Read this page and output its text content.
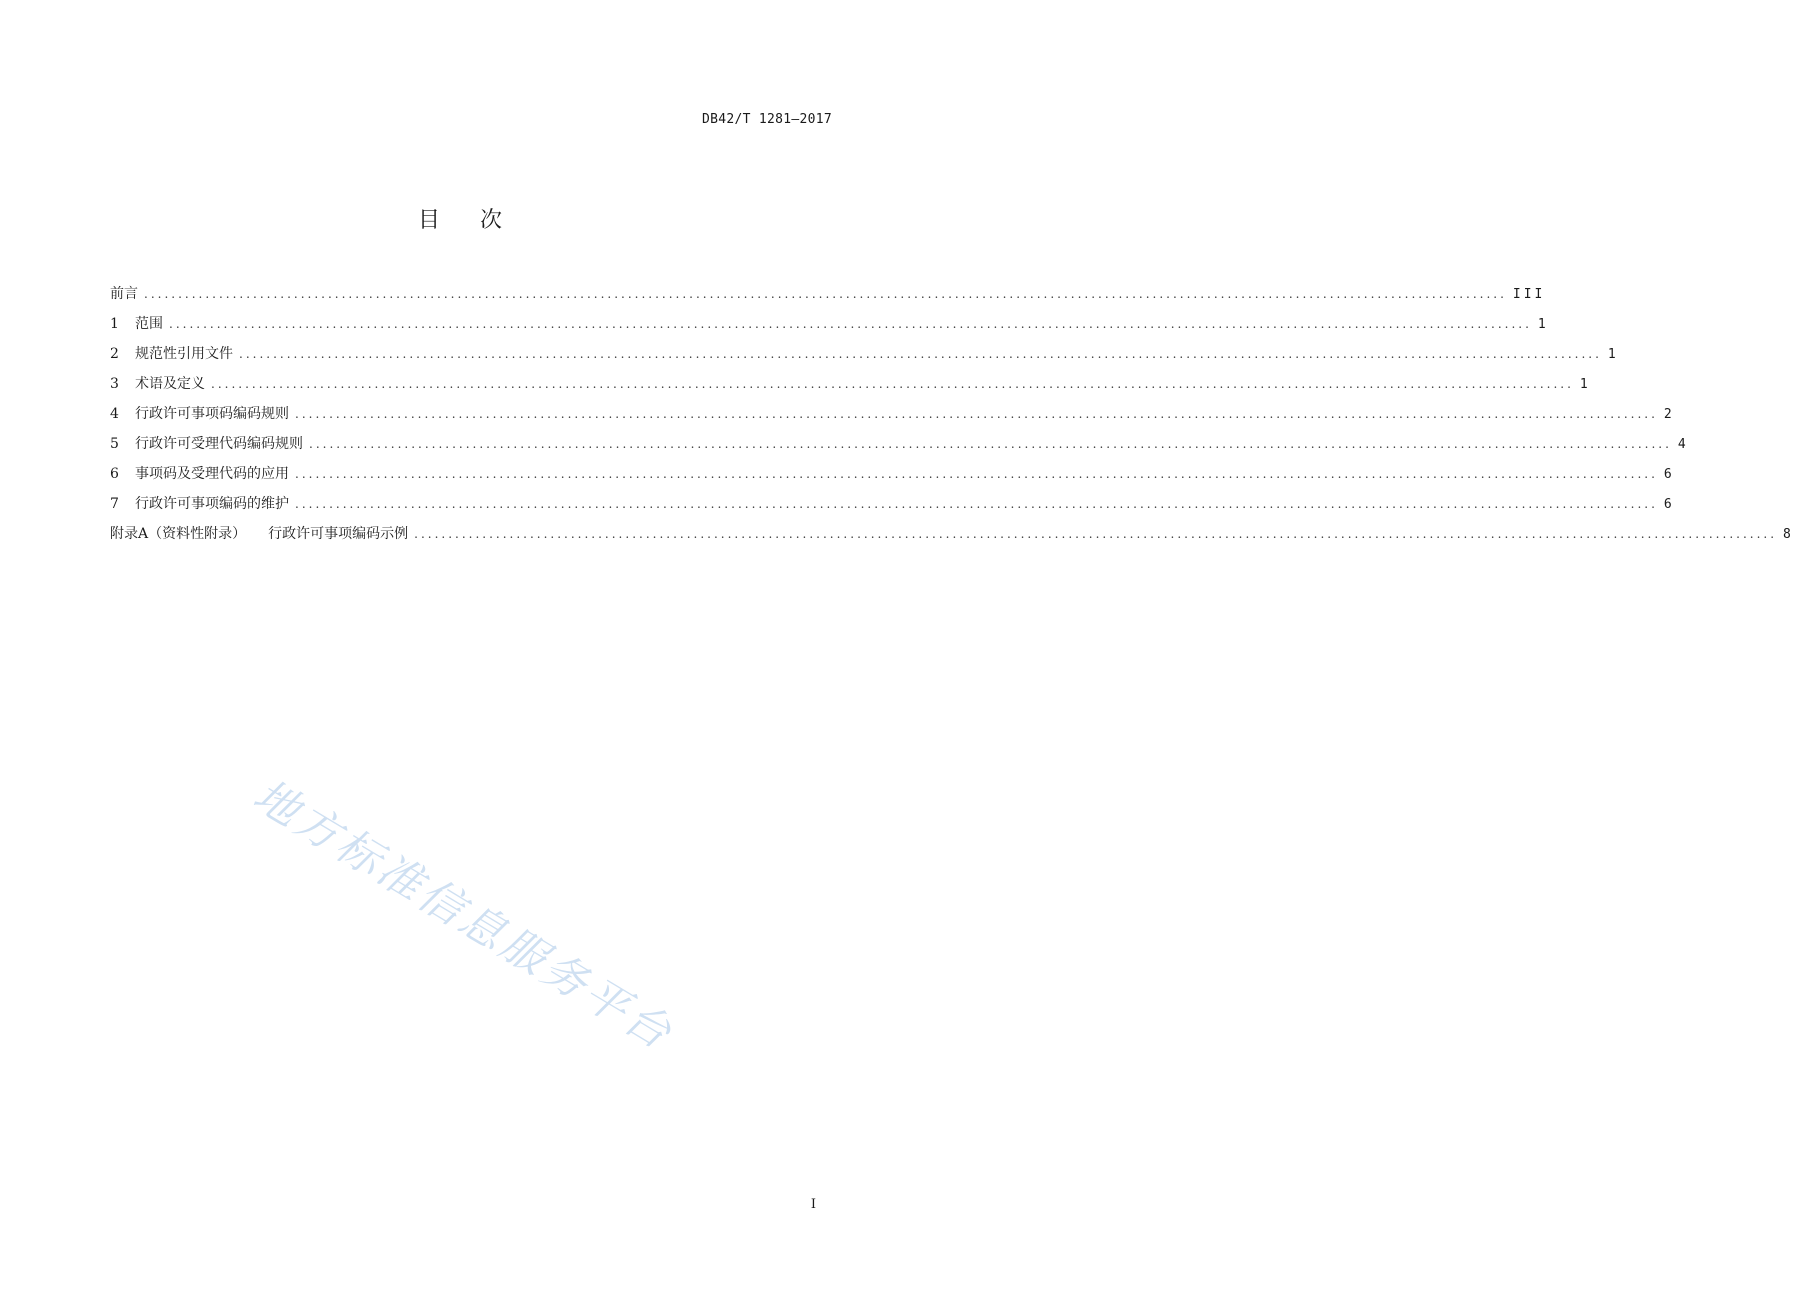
DB42/T 1281—2017
目次
前言 ........................................................................................................................................................................................................ III
1	范围 ........................................................................................................................................................................................................ 1
2	规范性引用文件 ........................................................................................................................................................................................................ 1
3	术语及定义 ........................................................................................................................................................................................................ 1
4	行政许可事项码编码规则 ........................................................................................................................................................................................................ 2
5	行政许可受理代码编码规则 ........................................................................................................................................................................................................ 4
6	事项码及受理代码的应用 ........................................................................................................................................................................................................ 6
7	行政许可事项编码的维护 ........................................................................................................................................................................................................ 6
附录A（资料性附录） 行政许可事项编码示例 ........................................................................................................................................................................................................ 8
地方标准信息服务平台
I
